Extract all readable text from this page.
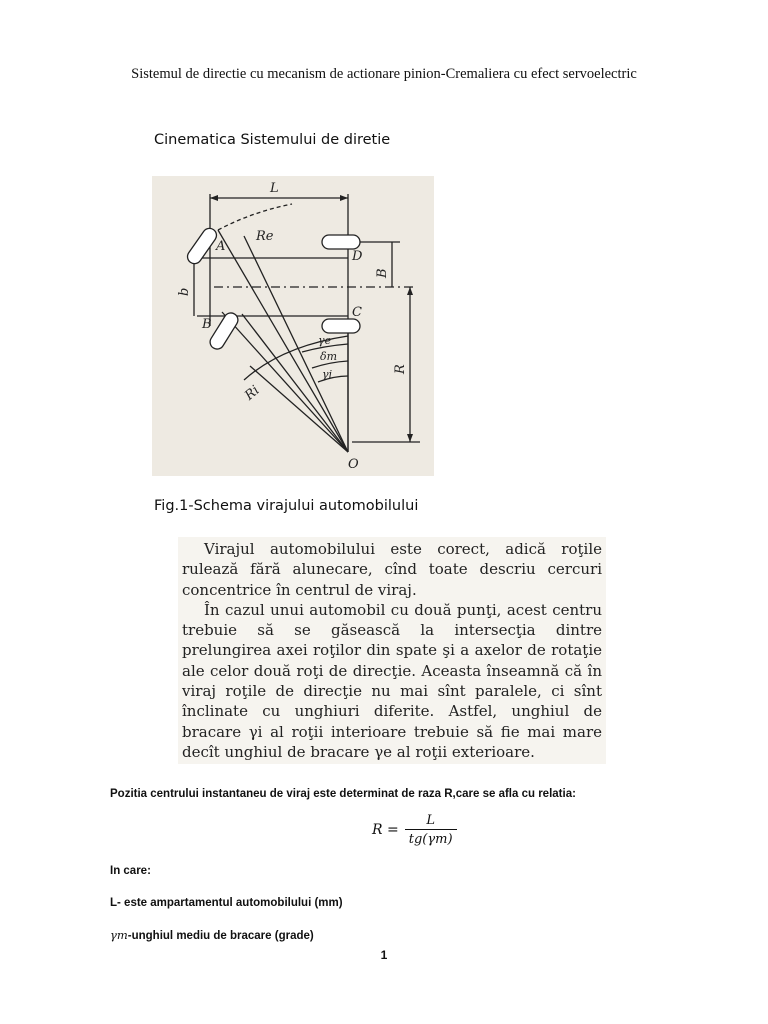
Sistemul de directie cu mecanism de actionare pinion-Cremaliera cu efect servoelectric
Cinematica Sistemului de diretie
L
Re
A
D
B
b
B
C
γe
δm
γi
Ri
R
O
Fig.1-Schema virajului automobilului

Virajul automobilului este corect, adică roţile rulează fără alunecare, cînd toate descriu cercuri concentrice în centrul de viraj.

În cazul unui automobil cu două punţi, acest centru trebuie să se găsească la intersecţia dintre prelungirea axei roţilor din spate şi a axelor de rotaţie ale celor două roţi de direcţie. Aceasta înseamnă că în viraj roţile de direcţie nu mai sînt paralele, ci sînt înclinate cu unghiuri diferite. Astfel, unghiul de bracare γi al roţii interioare trebuie să fie mai mare decît unghiul de bracare γe al roţii exterioare.

Pozitia centrului instantaneu de viraj este determinat de raza R,care se afla cu relatia:
$R = \frac{L}{tg(\gamma m)}$
In care:
L- este ampartamentul automobilului (mm)
γm-unghiul mediu de bracare (grade)
1
